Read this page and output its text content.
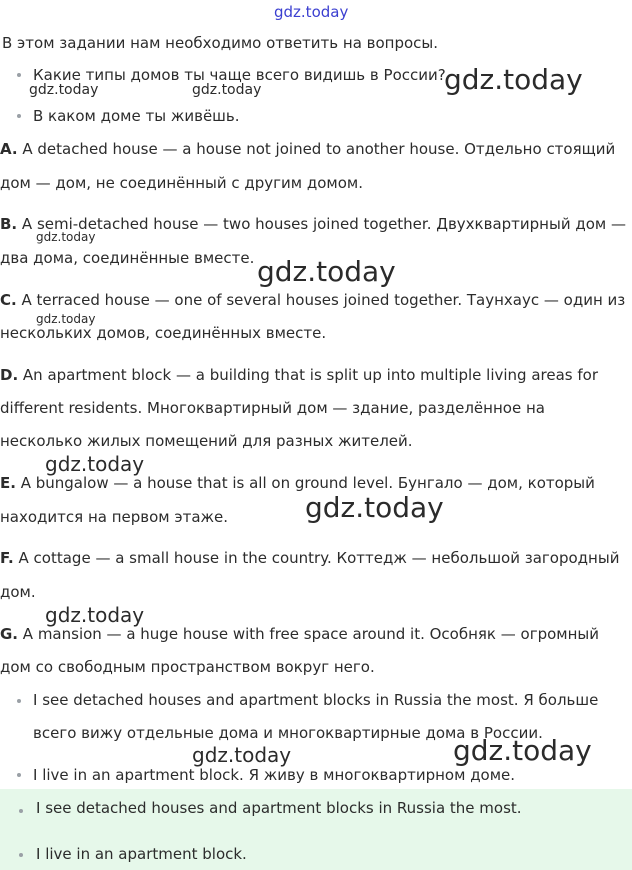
gdz.today
В этом задании нам необходимо ответить на вопросы.
Какие типы домов ты чаще всего видишь в России?
В каком доме ты живёшь.
A. A detached house — a house not joined to another house. Отдельно стоящий
дом — дом, не соединённый с другим домом.
B. A semi-detached house — two houses joined together. Двухквартирный дом —
два дома, соединённые вместе.
C. A terraced house — one of several houses joined together. Таунхаус — один из
нескольких домов, соединённых вместе.
D. An apartment block — a building that is split up into multiple living areas for
different residents. Многоквартирный дом — здание, разделённое на
несколько жилых помещений для разных жителей.
E. A bungalow — a house that is all on ground level. Бунгало — дом, который
находится на первом этаже.
F. A cottage — a small house in the country. Коттедж — небольшой загородный
дом.
G. A mansion — a huge house with free space around it. Особняк — огромный
дом со свободным пространством вокруг него.
I see detached houses and apartment blocks in Russia the most. Я больше
всего вижу отдельные дома и многоквартирные дома в России.
I live in an apartment block. Я живу в многоквартирном доме.
I see detached houses and apartment blocks in Russia the most.
I live in an apartment block.
gdz.today
gdz.today	gdz.today
gdz.today
gdz.today
gdz.today
gdz.today
gdz.today
gdz.today
gdz.today	gdz.today
